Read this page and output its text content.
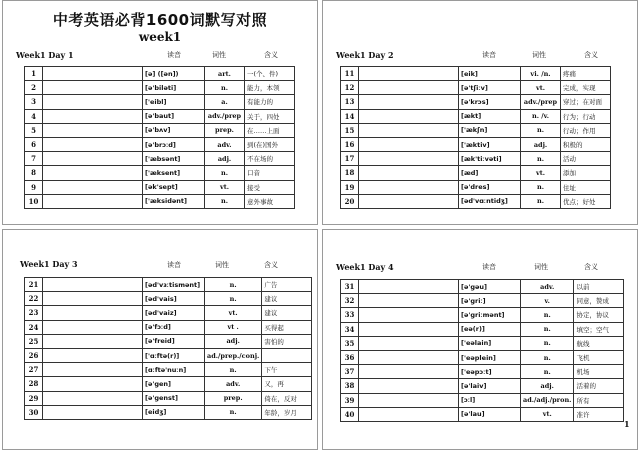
中考英语必背1600词默写对照
week1
Week1 Day 1	读音	词性	含义
1		[ə] ([ən])	art.	一(个、件)
2		[ə'biləti]	n.	能力，本领
3		['eibl]	a.	有能力的
4		[ə'baut]	adv./prep	关于，四处
5		[ə'bʌv]	prep.	在……上面
6		[ə'brɔːd]	adv.	到(在)国外
7		['æbsənt]	adj.	不在场的
8		['æksent]	n.	口音
9		[ək'sept]	vt.	接受
10		['æksidənt]	n.	意外事故
Week1 Day 2	读音	词性	含义
11		[eik]	vi. /n.	疼痛
12		[ə'tʃiːv]	vt.	完成，实现
13		[ə'krɔs]	adv./prep	穿过；在对面
14		[ækt]	n. /v.	行为；行动
15		['ækʃn]	n.	行动；作用
16		['æktiv]	adj.	积极的
17		[æk'tiːvəti]	n.	活动
18		[æd]	vt.	添加
19		[ə'dres]	n.	住址
20		[əd'vɑːntidʒ]	n.	优点；好处
Week1 Day 3	读音	词性	含义
21		[əd'vɜːtismənt]	n.	广告
22		[əd'vais]	n.	建议
23		[əd'vaiz]	vt.	建议
24		[ə'fɔːd]	vt .	买得起
25		[ə'freid]	adj.	害怕的
26		['ɑːftə(r)]	ad./prep./conj.	
27		[ɑːftə'nuːn]	n.	下午
28		[ə'gen]	adv.	又，再
29		[ə'genst]	prep.	倚在，反对
30		[eidʒ]	n.	年龄，岁月
Week1 Day 4	读音	词性	含义
31		[ə'gəu]	adv.	以前
32		[ə'griː]	v.	同意，赞成
33		[ə'griːmənt]	n.	协定，协议
34		[eə(r)]	n.	填空；空气
35		['eəlain]	n.	航线
36		['eəplein]	n.	飞机
37		['eəpɔːt]	n.	机场
38		[ə'laiv]	adj.	活着的
39		[ɔːl]	ad./adj./pron.	所有
40		[ə'lau]	vt.	准许
1
